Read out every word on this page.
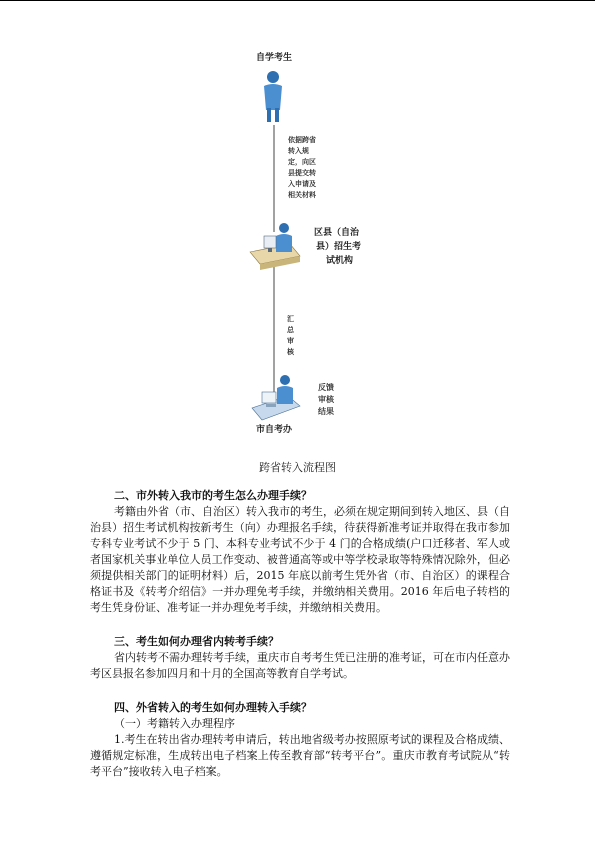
自学考生
依据跨省
转入规
定，向区
县提交转
入申请及
相关材料
区县（自治
县）招生考
试机构
汇
总
审
核
反馈
审核
结果
市自考办
跨省转入流程图

二、市外转入我市的考生怎么办理手续？

考籍由外省（市、自治区）转入我市的考生，必须在规定期间到转入地区、县（自治县）招生考试机构按新考生（向）办理报名手续，待获得新准考证并取得在我市参加专科专业考试不少于 5 门、本科专业考试不少于 4 门的合格成绩(户口迁移者、军人或者国家机关事业单位人员工作变动、被普通高等或中等学校录取等特殊情况除外，但必须提供相关部门的证明材料）后，2015 年底以前考生凭外省（市、自治区）的课程合格证书及《转考介绍信》一并办理免考手续，并缴纳相关费用。2016 年后电子转档的考生凭身份证、准考证一并办理免考手续，并缴纳相关费用。

三、考生如何办理省内转考手续？

省内转考不需办理转考手续，重庆市自考考生凭已注册的准考证，可在市内任意办考区县报名参加四月和十月的全国高等教育自学考试。

四、外省转入的考生如何办理转入手续？

（一）考籍转入办理程序

1.考生在转出省办理转考申请后，转出地省级考办按照原考试的课程及合格成绩、遵循规定标准，生成转出电子档案上传至教育部“转考平台”。重庆市教育考试院从“转考平台”接收转入电子档案。
